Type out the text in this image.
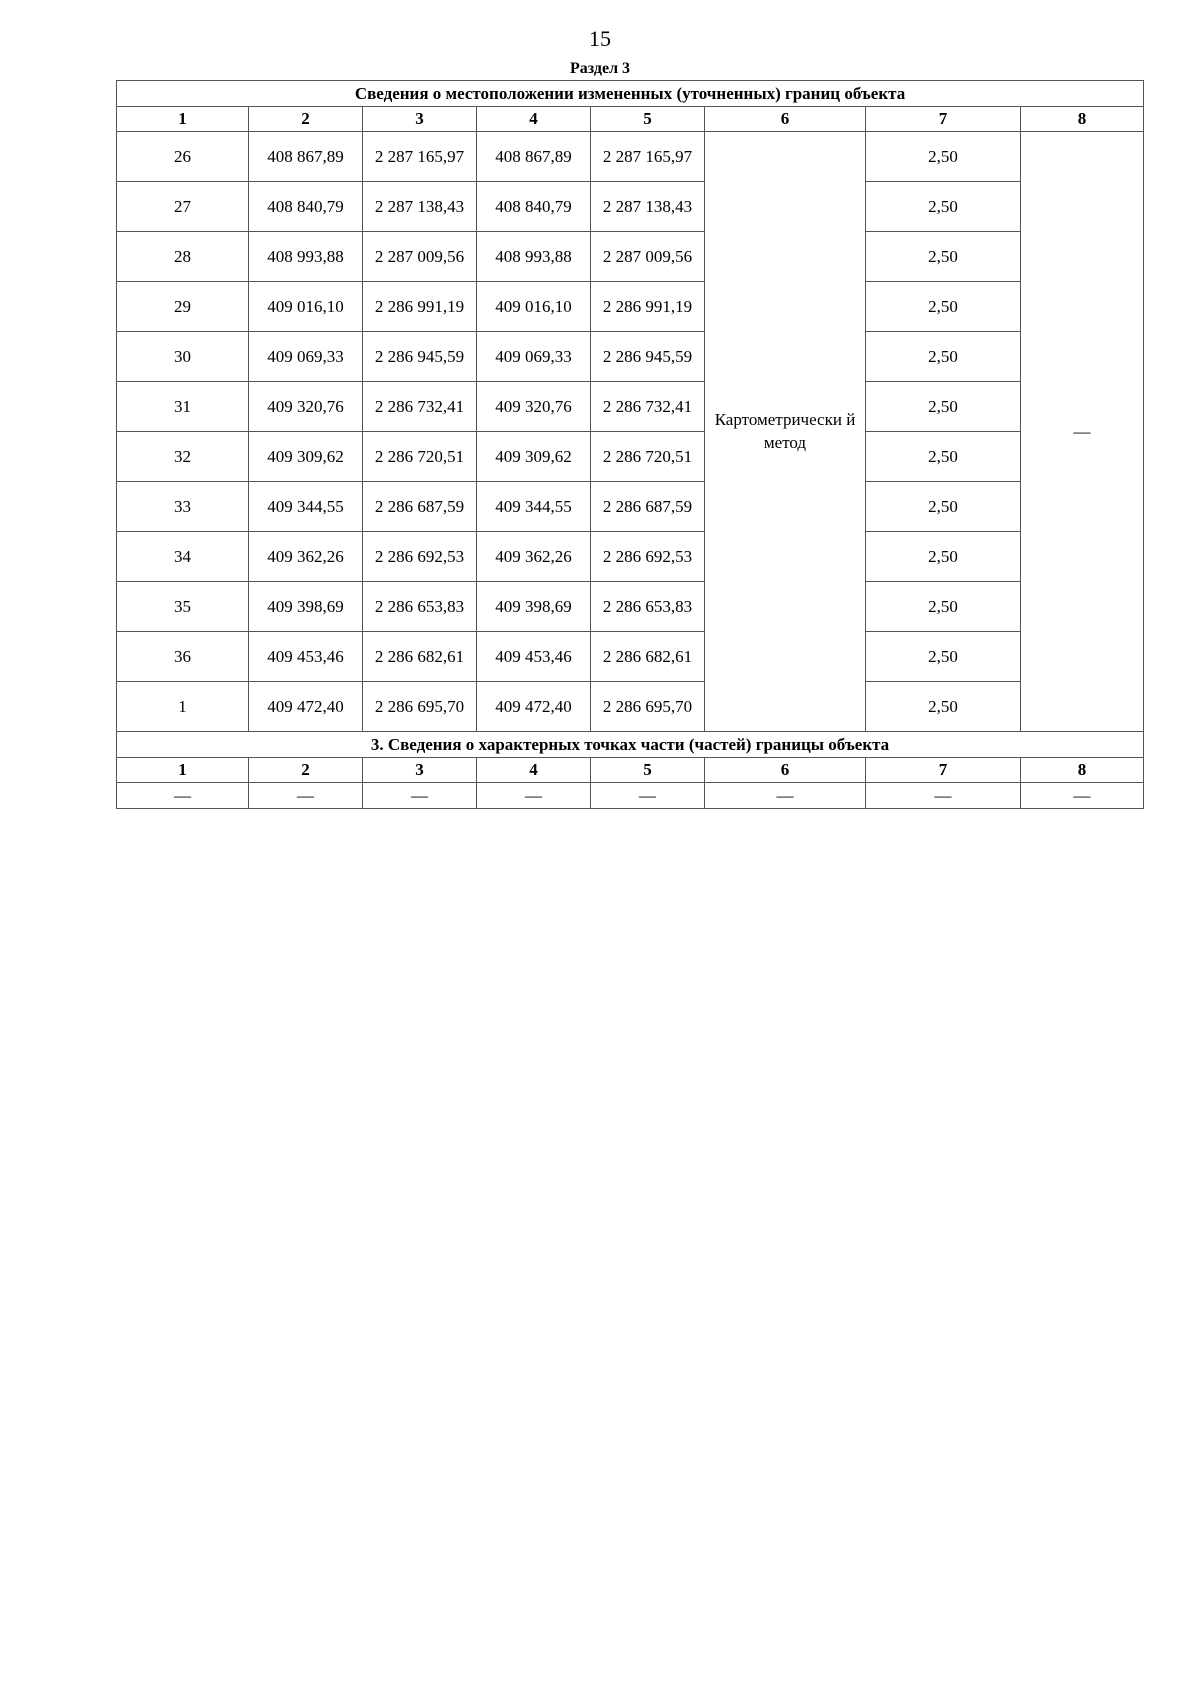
15
Раздел 3
Сведения о местоположении измененных (уточненных) границ объекта							
1	2	3	4	5	6	7	8
26	408 867,89	2 287 165,97	408 867,89	2 287 165,97	Картометрически й метод	2,50	—
27	408 840,79	2 287 138,43	408 840,79	2 287 138,43		2,50	
28	408 993,88	2 287 009,56	408 993,88	2 287 009,56		2,50	
29	409 016,10	2 286 991,19	409 016,10	2 286 991,19		2,50	
30	409 069,33	2 286 945,59	409 069,33	2 286 945,59		2,50	
31	409 320,76	2 286 732,41	409 320,76	2 286 732,41		2,50	
32	409 309,62	2 286 720,51	409 309,62	2 286 720,51		2,50	
33	409 344,55	2 286 687,59	409 344,55	2 286 687,59		2,50	
34	409 362,26	2 286 692,53	409 362,26	2 286 692,53		2,50	
35	409 398,69	2 286 653,83	409 398,69	2 286 653,83		2,50	
36	409 453,46	2 286 682,61	409 453,46	2 286 682,61		2,50	
1	409 472,40	2 286 695,70	409 472,40	2 286 695,70		2,50	
3. Сведения о характерных точках части (частей) границы объекта							
1	2	3	4	5	6	7	8
—	—	—	—	—	—	—	—
